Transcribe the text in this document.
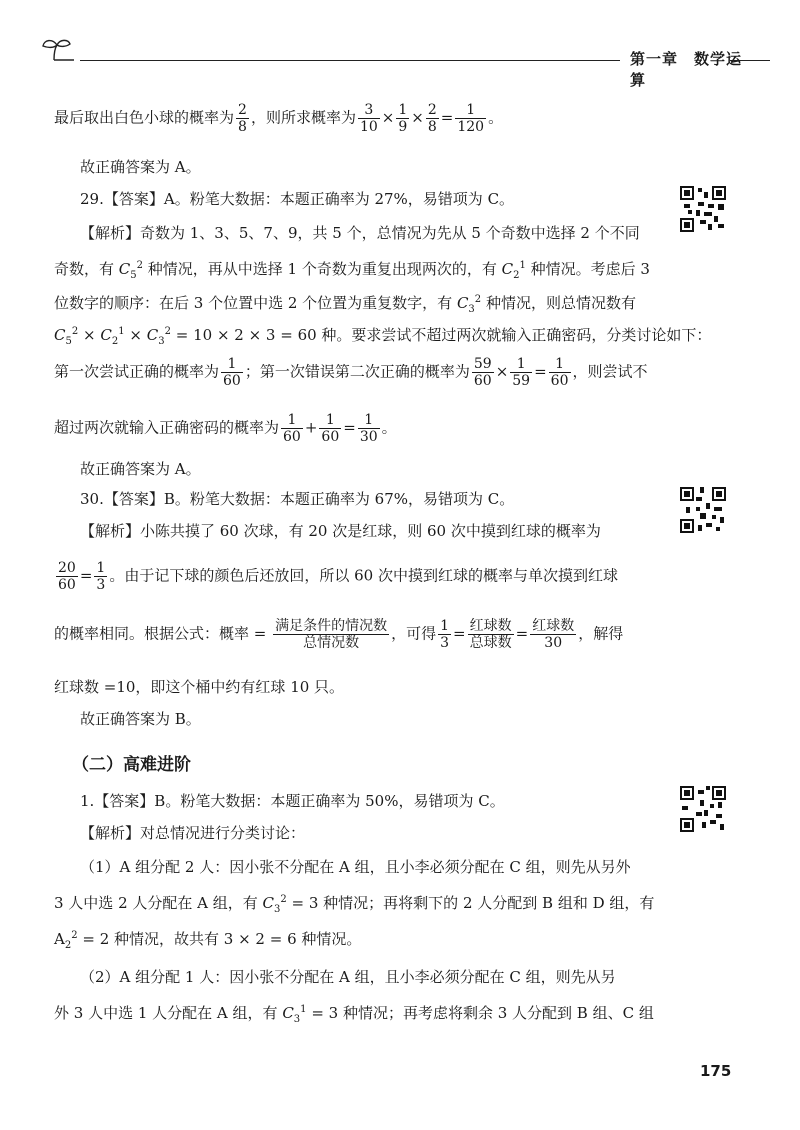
第一章 数学运算
最后取出白色小球的概率为 $\frac{2}{8}$ ，则所求概率为 $\frac{3}{10} \times \frac{1}{9} \times \frac{2}{8} = \frac{1}{120}$ 。
故正确答案为 A。
29.【答案】A。粉笔大数据：本题正确率为 27%，易错项为 C。
【解析】奇数为 1、3、5、7、9，共 5 个，总情况为先从 5 个奇数中选择 2 个不同
奇数，有 $C_5^2$ 种情况，再从中选择 1 个奇数为重复出现两次的，有 $C_2^1$ 种情况。考虑后 3
位数字的顺序：在后 3 个位置中选 2 个位置为重复数字，有 $C_3^2$ 种情况，则总情况数有
$C_5^2 \times C_2^1 \times C_3^2 = 10 \times 2 \times 3 = 60$ 种。要求尝试不超过两次就输入正确密码，分类讨论如下：
第一次尝试正确的概率为 $\frac{1}{60}$ ；第一次错误第二次正确的概率为 $\frac{59}{60} \times \frac{1}{59} = \frac{1}{60}$ ，则尝试不
超过两次就输入正确密码的概率为 $\frac{1}{60} + \frac{1}{60} = \frac{1}{30}$ 。
故正确答案为 A。
30.【答案】B。粉笔大数据：本题正确率为 67%，易错项为 C。
【解析】小陈共摸了 60 次球，有 20 次是红球，则 60 次中摸到红球的概率为
$\frac{20}{60} = \frac{1}{3}$ 。由于记下球的颜色后还放回，所以 60 次中摸到红球的概率与单次摸到红球
的概率相同。根据公式：概率 = 满足条件的情况数
总情况数
，可得 $\frac{1}{3}$ = 红球数
总球数
= 红球数
30
，解得
红球数 =10，即这个桶中约有红球 10 只。
故正确答案为 B。
（二）高难进阶
1.【答案】B。粉笔大数据：本题正确率为 50%，易错项为 C。
【解析】对总情况进行分类讨论：
（1）A 组分配 2 人：因小张不分配在 A 组，且小李必须分配在 C 组，则先从另外
3 人中选 2 人分配在 A 组，有 $C_3^2 = 3$ 种情况；再将剩下的 2 人分配到 B 组和 D 组，有
$A_2^2 = 2$ 种情况，故共有 3 × 2 = 6 种情况。
（2）A 组分配 1 人：因小张不分配在 A 组，且小李必须分配在 C 组，则先从另
外 3 人中选 1 人分配在 A 组，有 $C_3^1 = 3$ 种情况；再考虑将剩余 3 人分配到 B 组、C 组
175
